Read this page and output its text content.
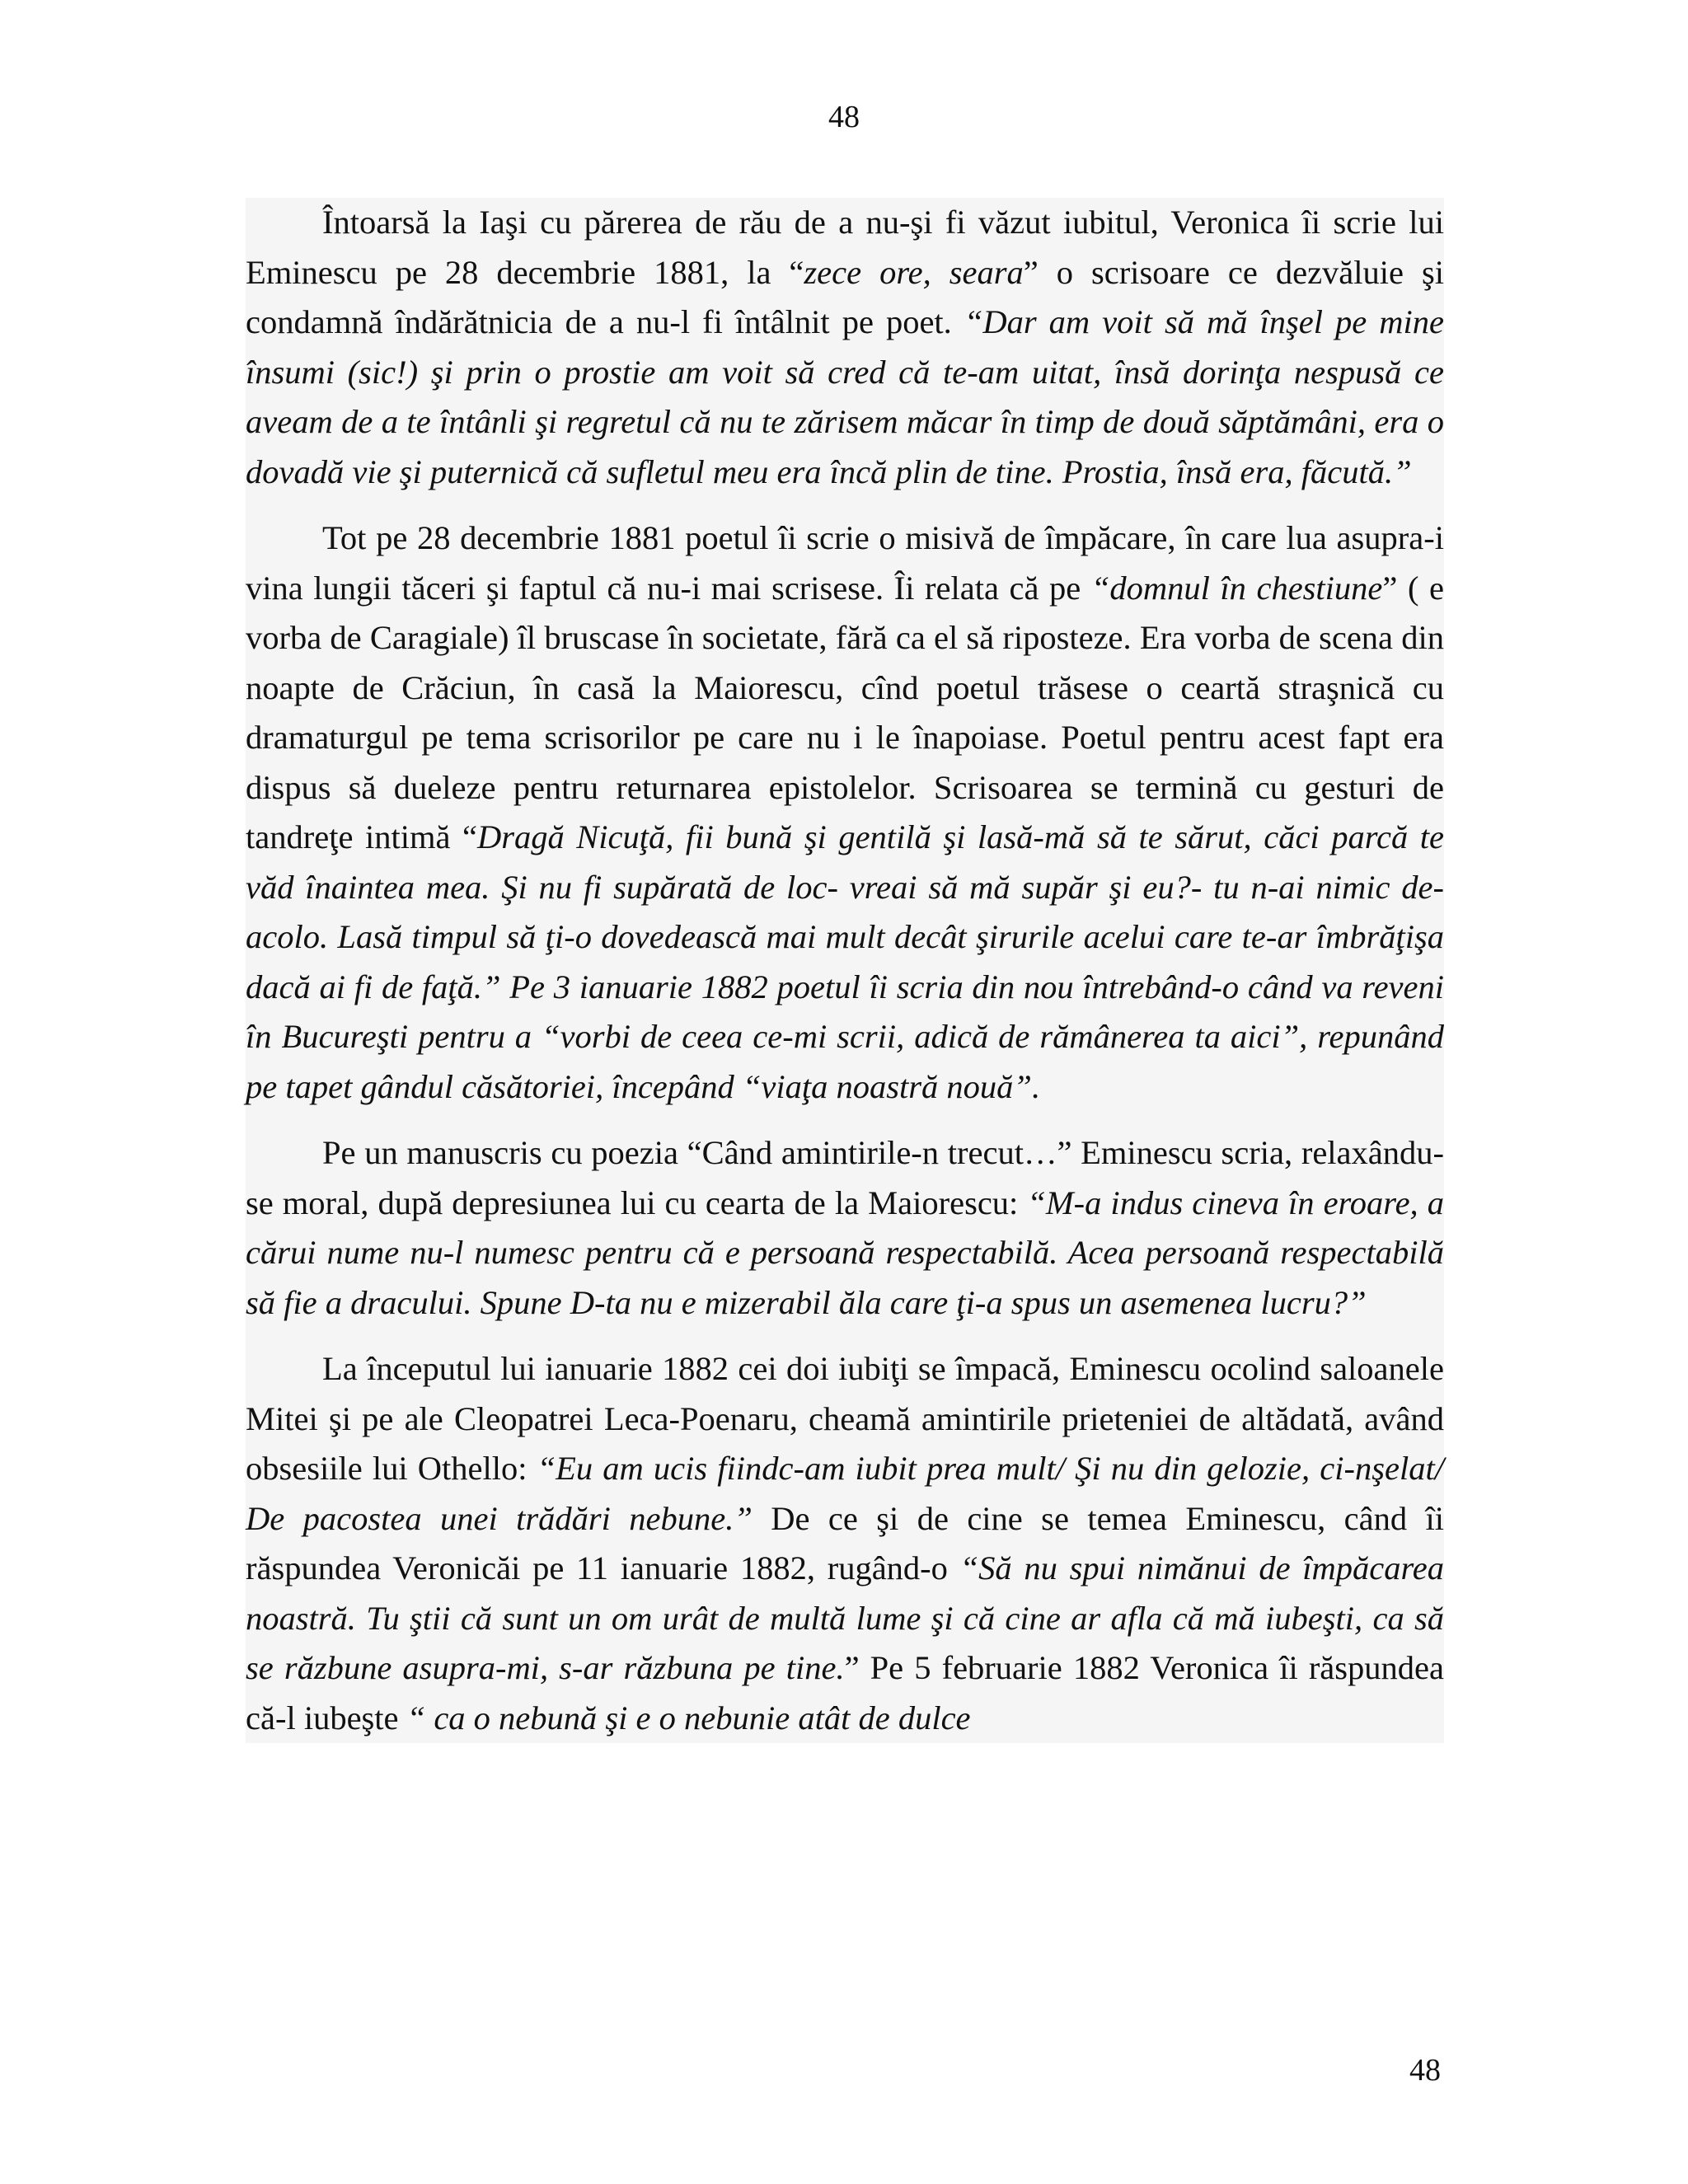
48

Întoarsă la Iaşi cu părerea de rău de a nu-şi fi văzut iubitul, Veronica îi scrie lui Eminescu pe 28 decembrie 1881, la “zece ore, seara” o scrisoare ce dezvăluie şi condamnă îndărătnicia de a nu-l fi întâlnit pe poet. “Dar am voit să mă înşel pe mine însumi (sic!) şi prin o prostie am voit să cred că te-am uitat, însă dorinţa nespusă ce aveam de a te întânli şi regretul că nu te zărisem măcar în timp de două săptămâni, era o dovadă vie şi puternică că sufletul meu era încă plin de tine. Prostia, însă era, făcută.”

Tot pe 28 decembrie 1881 poetul îi scrie o misivă de împăcare, în care lua asupra-i vina lungii tăceri şi faptul că nu-i mai scrisese. Îi relata că pe “domnul în chestiune” ( e vorba de Caragiale) îl bruscase în societate, fără ca el să riposteze. Era vorba de scena din noapte de Crăciun, în casă la Maiorescu, cînd poetul trăsese o ceartă straşnică cu dramaturgul pe tema scrisorilor pe care nu i le înapoiase. Poetul pentru acest fapt era dispus să dueleze pentru returnarea epistolelor. Scrisoarea se termină cu gesturi de tandreţe intimă “Dragă Nicuţă, fii bună şi gentilă şi lasă-mă să te sărut, căci parcă te văd înaintea mea. Şi nu fi supărată de loc- vreai să mă supăr şi eu?- tu n-ai nimic de-acolo. Lasă timpul să ţi-o dovedească mai mult decât şirurile acelui care te-ar îmbrăţişa dacă ai fi de faţă.” Pe 3 ianuarie 1882 poetul îi scria din nou întrebând-o când va reveni în Bucureşti pentru a “vorbi de ceea ce-mi scrii, adică de rămânerea ta aici”, repunând pe tapet gândul căsătoriei, începând “viaţa noastră nouă”.

Pe un manuscris cu poezia “Când amintirile-n trecut…” Eminescu scria, relaxându-se moral, după depresiunea lui cu cearta de la Maiorescu: “M-a indus cineva în eroare, a cărui nume nu-l numesc pentru că e persoană respectabilă. Acea persoană respectabilă să fie a dracului. Spune D-ta nu e mizerabil ăla care ţi-a spus un asemenea lucru?”

La începutul lui ianuarie 1882 cei doi iubiţi se împacă, Eminescu ocolind saloanele Mitei şi pe ale Cleopatrei Leca-Poenaru, cheamă amintirile prieteniei de altădată, având obsesiile lui Othello: “Eu am ucis fiindc-am iubit prea mult/ Şi nu din gelozie, ci-nşelat/ De pacostea unei trădări nebune.” De ce şi de cine se temea Eminescu, când îi răspundea Veronicăi pe 11 ianuarie 1882, rugând-o “Să nu spui nimănui de împăcarea noastră. Tu ştii că sunt un om urât de multă lume şi că cine ar afla că mă iubeşti, ca să se răzbune asupra-mi, s-ar răzbuna pe tine.” Pe 5 februarie 1882 Veronica îi răspundea că-l iubeşte “ ca o nebună şi e o nebunie atât de dulce

48
